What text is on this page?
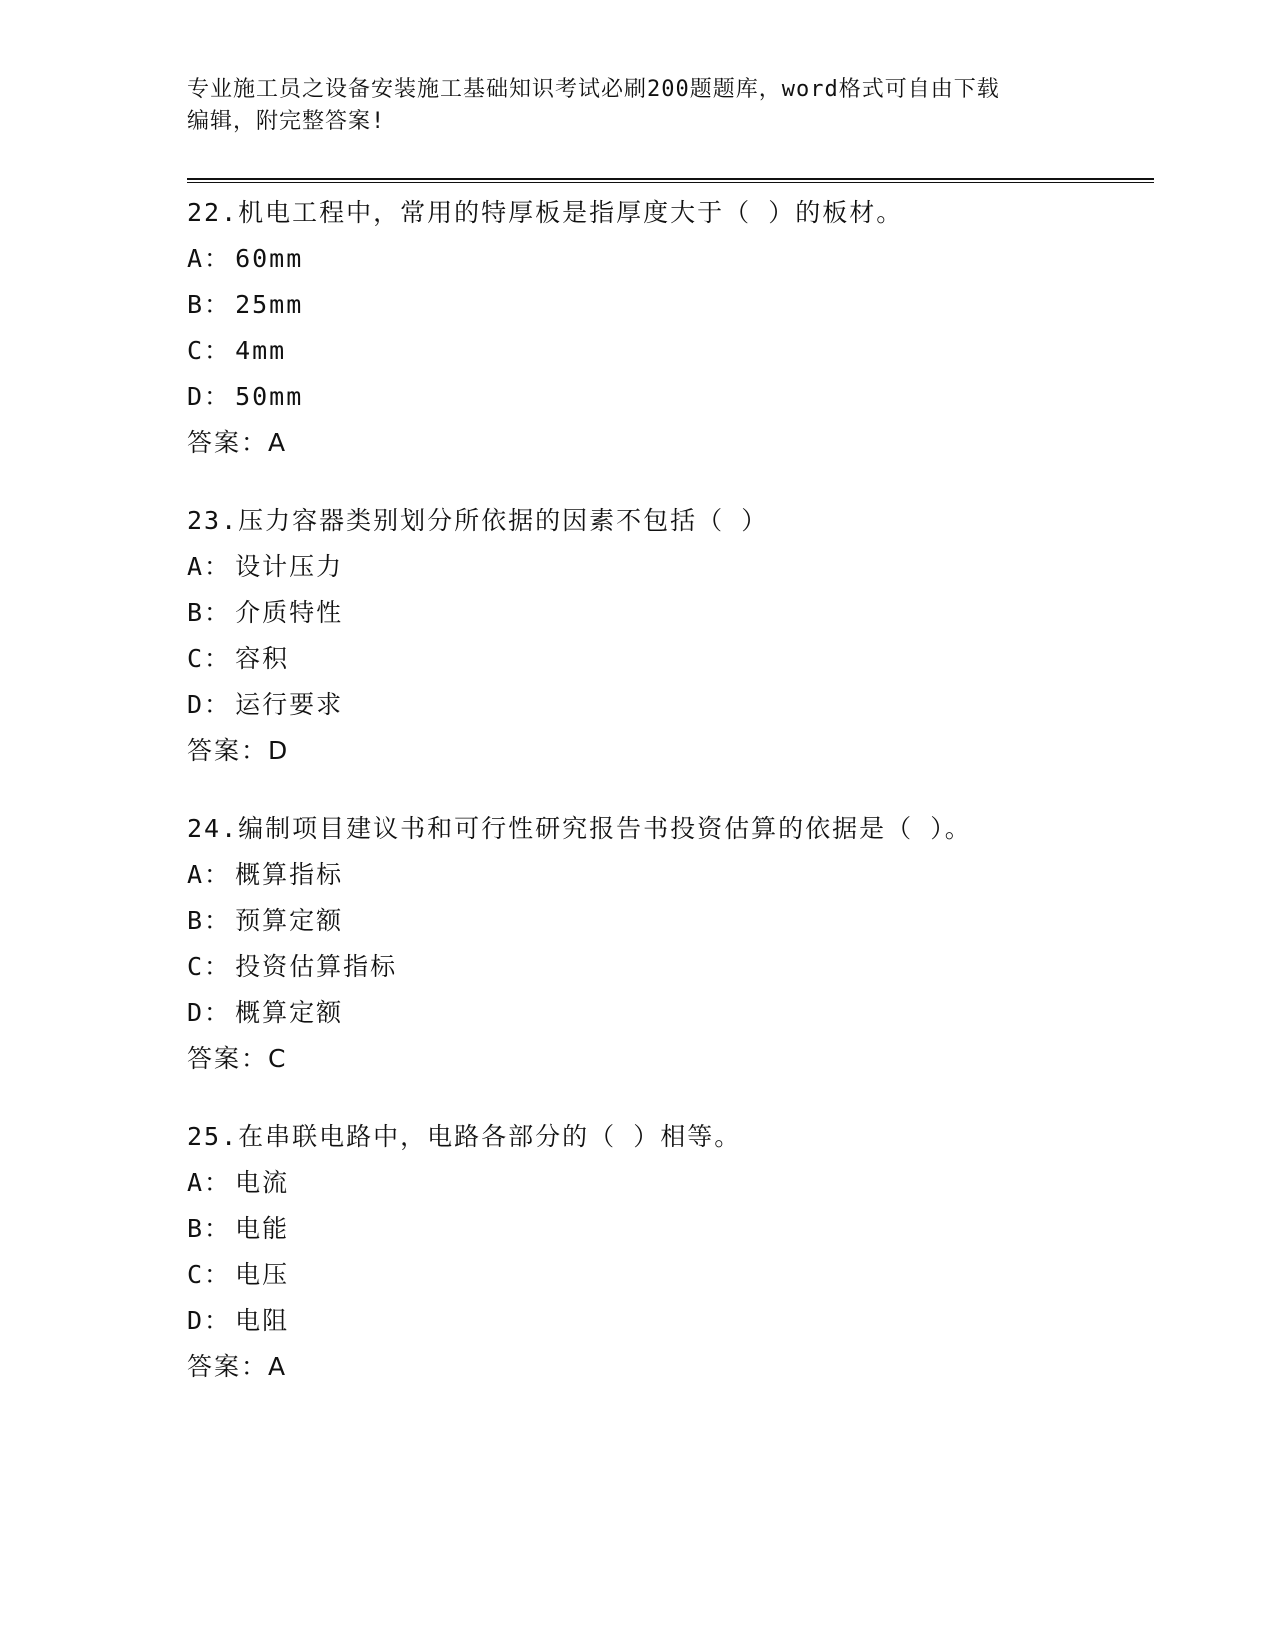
专业施工员之设备安装施工基础知识考试必刷200题题库，word格式可自由下载
编辑，附完整答案!
22.机电工程中，常用的特厚板是指厚度大于（ ）的板材。
A： 60mm
B： 25mm
C： 4mm
D： 50mm
答案：A
23.压力容器类别划分所依据的因素不包括（ ）
A： 设计压力
B： 介质特性
C： 容积
D： 运行要求
答案：D
24.编制项目建议书和可行性研究报告书投资估算的依据是（ ）。
A： 概算指标
B： 预算定额
C： 投资估算指标
D： 概算定额
答案：C
25.在串联电路中，电路各部分的（ ）相等。
A： 电流
B： 电能
C： 电压
D： 电阻
答案：A
